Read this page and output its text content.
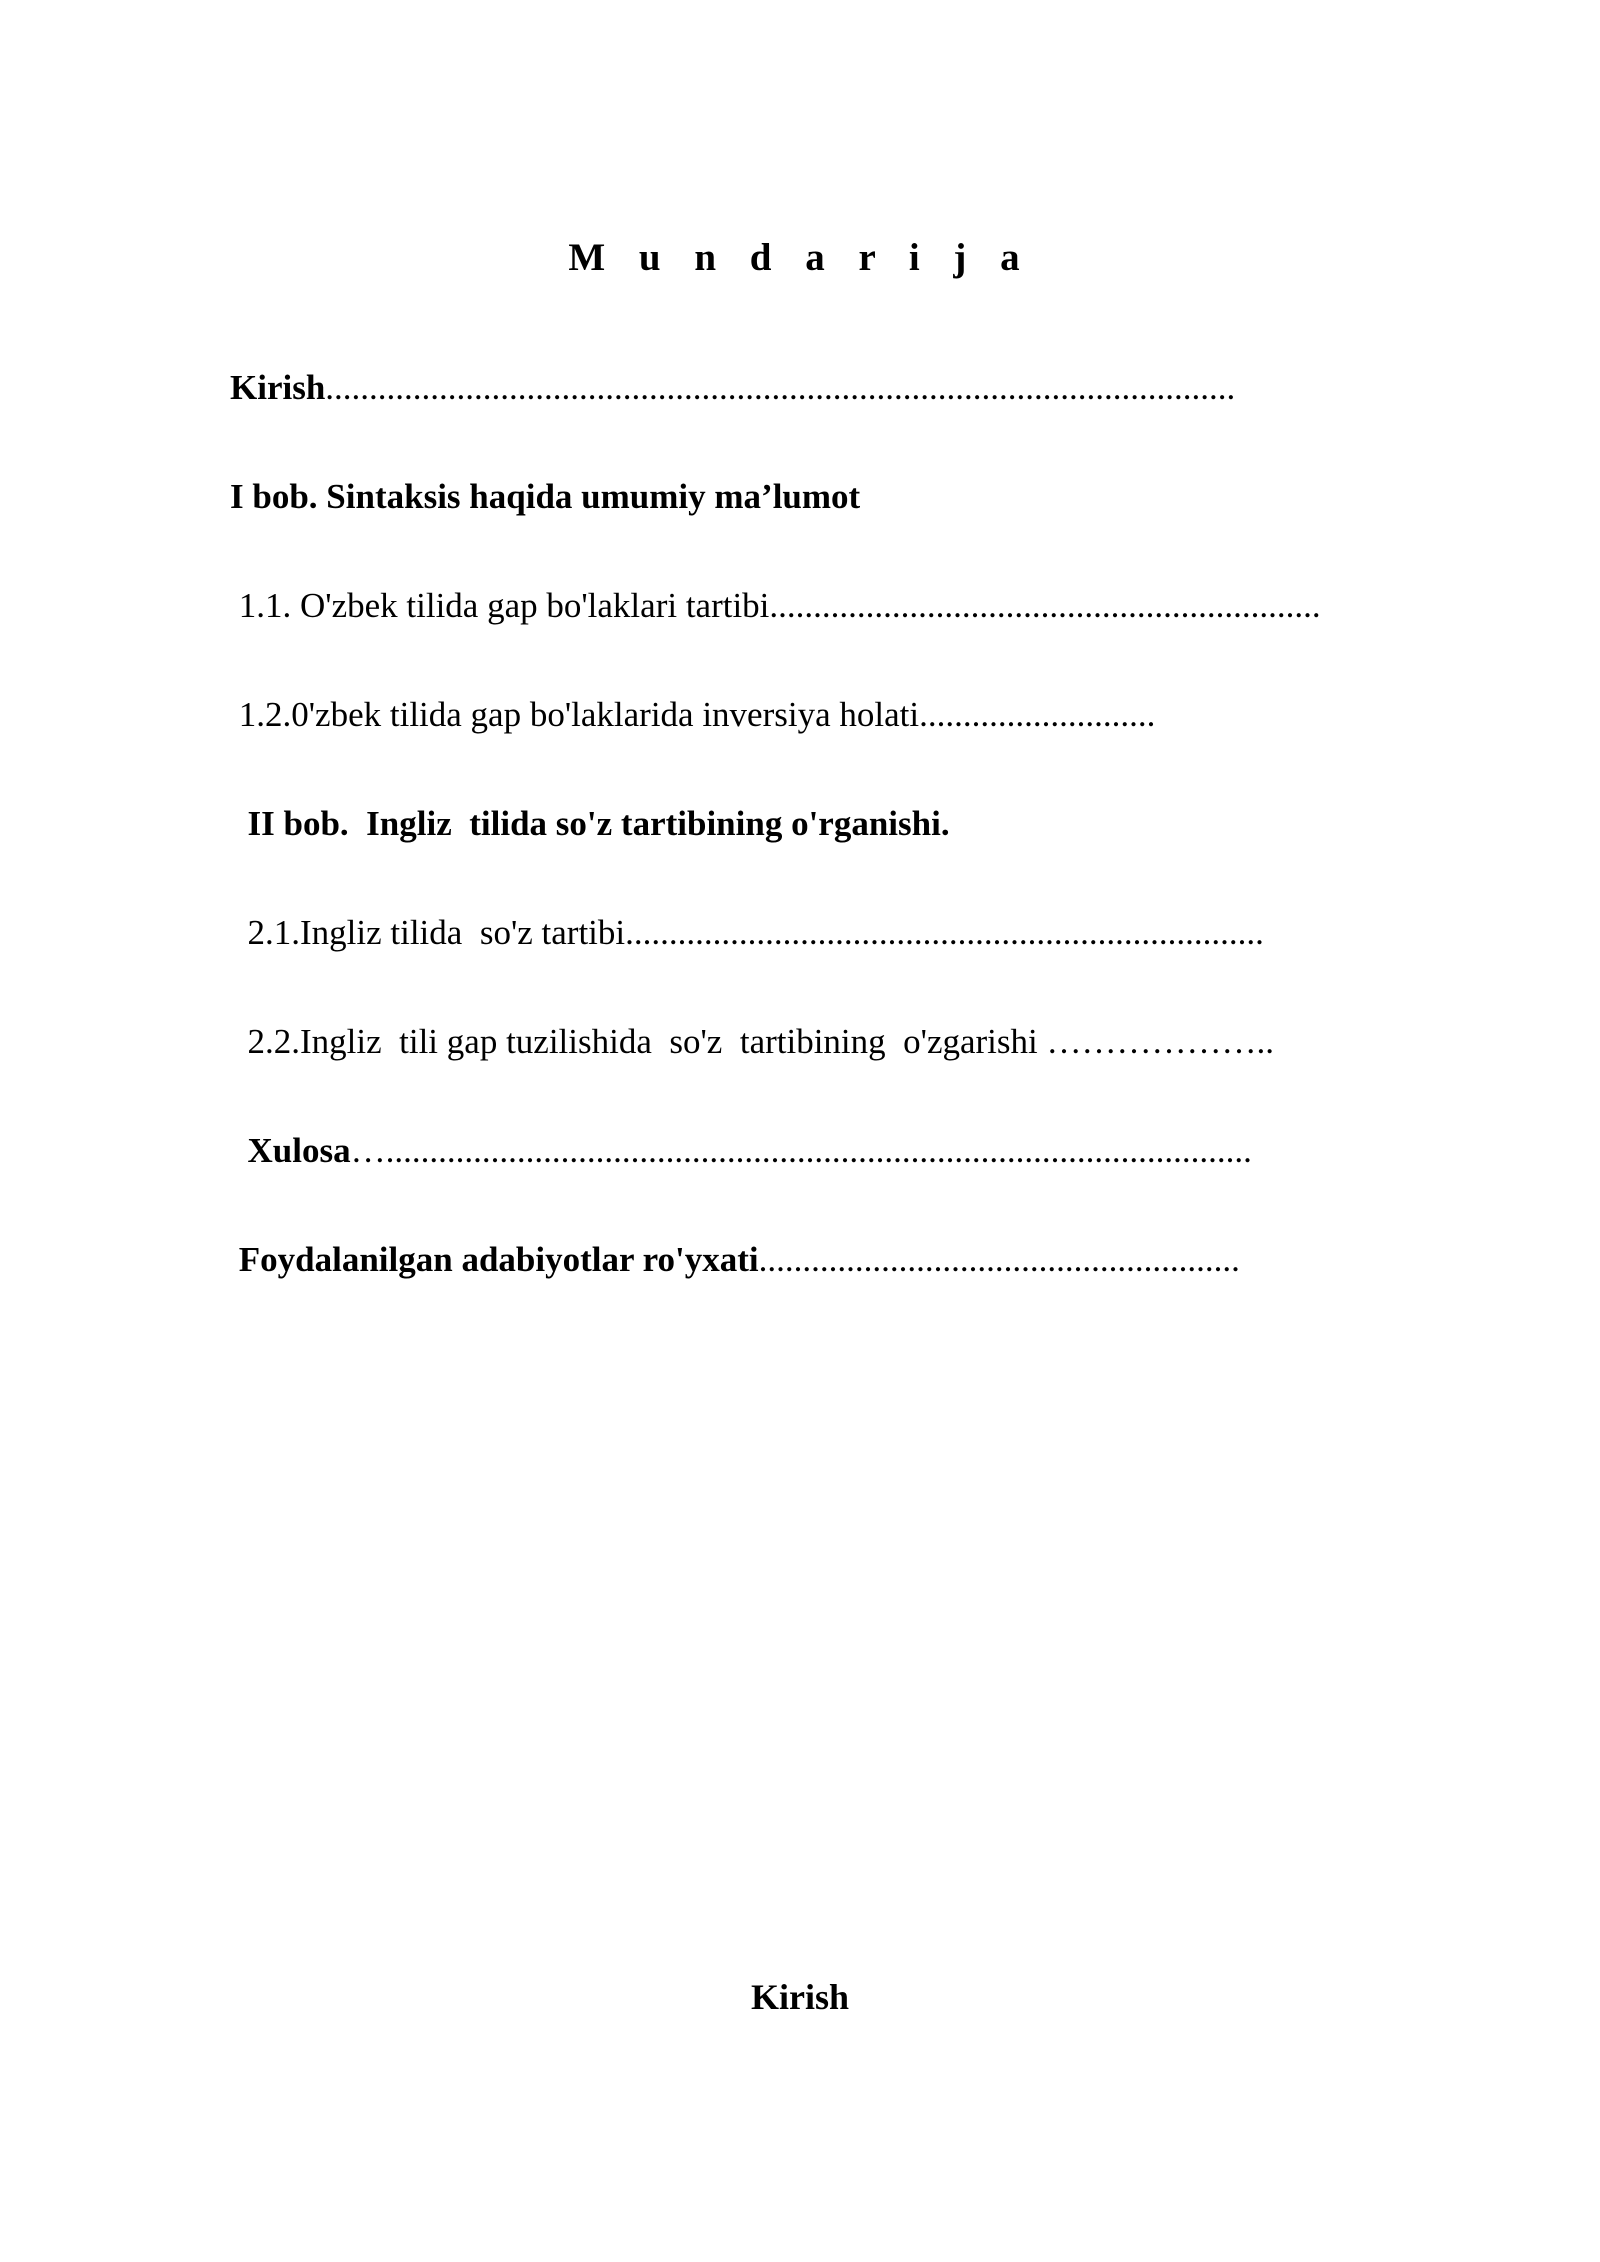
M u n d a r i j a
Kirish........................................................................................................
I bob. Sintaksis haqida umumiy ma’lumot
1.1. O'zbek tilida gap bo'laklari tartibi...............................................................
1.2.0'zbek tilida gap bo'laklarida inversiya holati...........................
II bob.  Ingliz  tilida so'z tartibining o'rganishi.
2.1.Ingliz tilida  so'z tartibi.........................................................................
2.2.Ingliz  tili gap tuzilishida  so'z  tartibining  o'zgarishi ………………..
Xulosa…...................................................................................................
Foydalanilgan adabiyotlar ro'yxati.......................................................
Kirish
